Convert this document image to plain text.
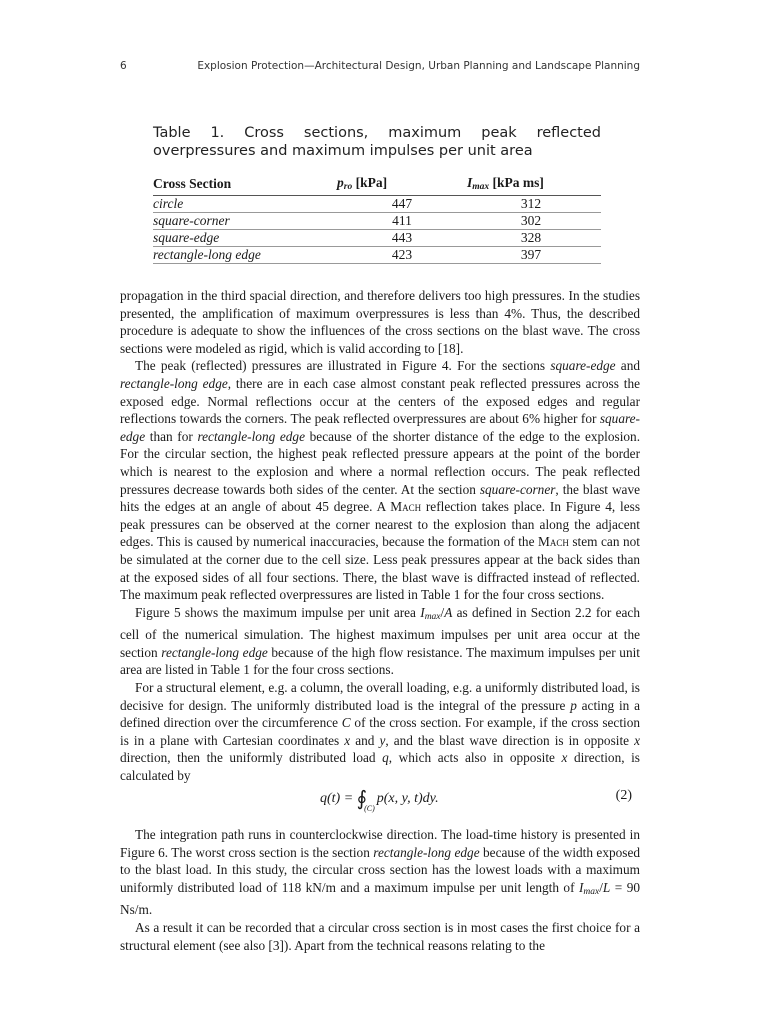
6	Explosion Protection—Architectural Design, Urban Planning and Landscape Planning
Table 1. Cross sections, maximum peak reflected overpressures and maximum impulses per unit area
Cross Section	$p_{ro}$ [kPa]	$I_{max}$ [kPa ms]
circle	447	312
square-corner	411	302
square-edge	443	328
rectangle-long edge	423	397

propagation in the third spacial direction, and therefore delivers too high pressures. In the studies presented, the amplification of maximum overpressures is less than 4%. Thus, the described procedure is adequate to show the influences of the cross sections on the blast wave. The cross sections were modeled as rigid, which is valid according to [18].

The peak (reflected) pressures are illustrated in Figure 4. For the sections square-edge and rectangle-long edge, there are in each case almost constant peak reflected pressures across the exposed edge. Normal reflections occur at the centers of the exposed edges and regular reflections towards the corners. The peak reflected overpressures are about 6% higher for square-edge than for rectangle-long edge because of the shorter distance of the edge to the explosion. For the circular section, the highest peak reflected pressure appears at the point of the border which is nearest to the explosion and where a normal reflection occurs. The peak reflected pressures decrease towards both sides of the center. At the section square-corner, the blast wave hits the edges at an angle of about 45 degree. A Mach reflection takes place. In Figure 4, less peak pressures can be observed at the corner nearest to the explosion than along the adjacent edges. This is caused by numerical inaccuracies, because the formation of the Mach stem can not be simulated at the corner due to the cell size. Less peak pressures appear at the back sides than at the exposed sides of all four sections. There, the blast wave is diffracted instead of reflected. The maximum peak reflected overpressures are listed in Table 1 for the four cross sections.

Figure 5 shows the maximum impulse per unit area $I_{max}/A$ as defined in Section 2.2 for each cell of the numerical simulation. The highest maximum impulses per unit area occur at the section rectangle-long edge because of the high flow resistance. The maximum impulses per unit area are listed in Table 1 for the four cross sections.

For a structural element, e.g. a column, the overall loading, e.g. a uniformly distributed load, is decisive for design. The uniformly distributed load is the integral of the pressure p acting in a defined direction over the circumference C of the cross section. For example, if the cross section is in a plane with Cartesian coordinates x and y, and the blast wave direction is in opposite x direction, then the uniformly distributed load q, which acts also in opposite x direction, is calculated by

$q(t) = ∮_{(C)}p(x$, y, t)dy.	(2)

The integration path runs in counterclockwise direction. The load-time history is presented in Figure 6. The worst cross section is the section rectangle-long edge because of the width exposed to the blast load. In this study, the circular cross section has the lowest loads with a maximum uniformly distributed load of 118 kN/m and a maximum impulse per unit length of $I_{max}/L = 90$ Ns/m.

As a result it can be recorded that a circular cross section is in most cases the first choice for a structural element (see also [3]). Apart from the technical reasons relating to the
